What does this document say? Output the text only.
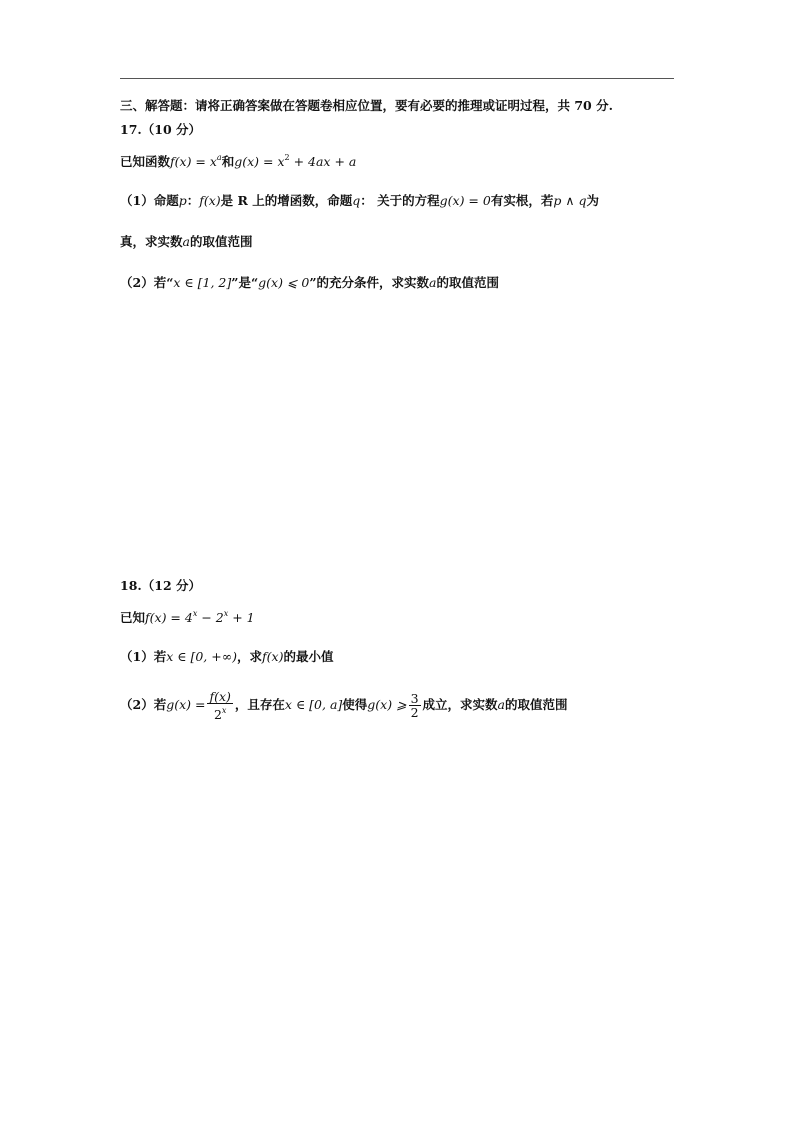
三、解答题：请将正确答案做在答题卷相应位置，要有必要的推理或证明过程，共 70 分.
17.（10 分）
已知函数$f(x) = x^a$和$g(x) = x^2 + 4ax + a$
（1）命题p：f(x)是 R 上的增函数，命题q： 关于的方程g(x) = 0有实根，若p ∧ q为
真，求实数a的取值范围
（2）若“x ∈ [1, 2]”是“g(x) ⩽ 0”的充分条件，求实数a的取值范围
18.（12 分）
已知$f(x) = 4^x - 2^x + 1$
（1）若x ∈ [0, +∞)，求f(x)的最小值
（2）若$g(x) = \frac{f(x)}{2^x}$ ，且存在x ∈ [0, a]使得g(x) ⩾ $\frac{3}{2}$ 成立，求实数a的取值范围
